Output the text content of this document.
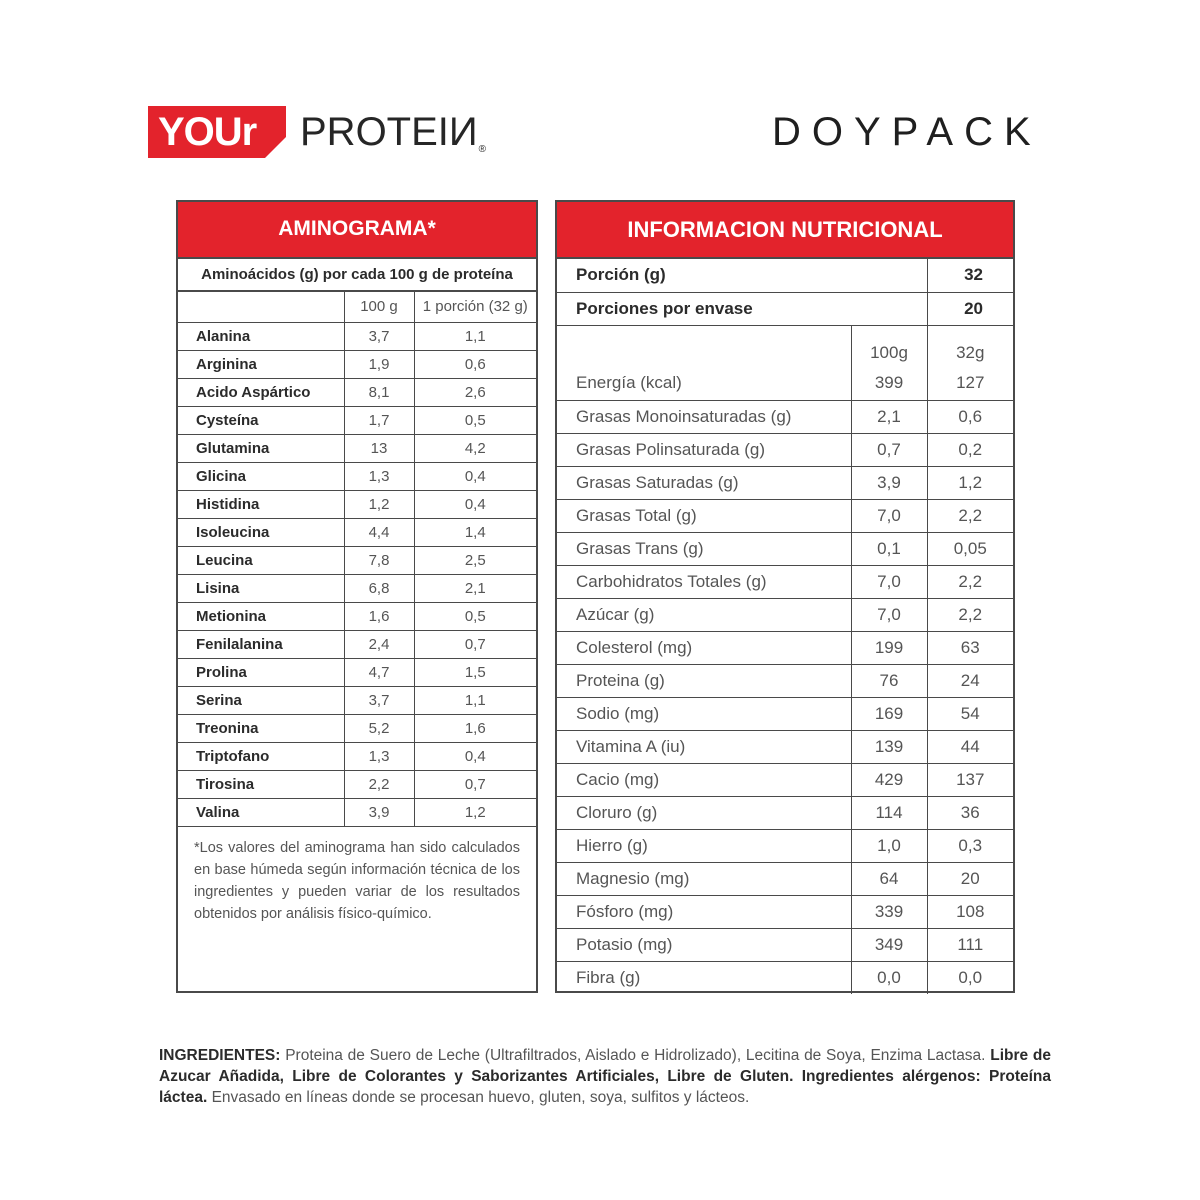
YOUr	PROTEIИ®	DOYPACK
AMINOGRAMA*
Aminoácidos (g) por cada 100 g de proteína
	100 g	1 porción (32 g)
Alanina	3,7	1,1
Arginina	1,9	0,6
Acido Aspártico	8,1	2,6
Cysteína	1,7	0,5
Glutamina	13	4,2
Glicina	1,3	0,4
Histidina	1,2	0,4
Isoleucina	4,4	1,4
Leucina	7,8	2,5
Lisina	6,8	2,1
Metionina	1,6	0,5
Fenilalanina	2,4	0,7
Prolina	4,7	1,5
Serina	3,7	1,1
Treonina	5,2	1,6
Triptofano	1,3	0,4
Tirosina	2,2	0,7
Valina	3,9	1,2
*Los valores del aminograma han sido calculados en base húmeda según información técnica de los ingredientes y pueden variar de los resultados obtenidos por análisis físico-químico.
INFORMACION NUTRICIONAL
Porción (g)		32
Porciones por envase		20
	100g	32g
Energía (kcal)	399	127
Grasas Monoinsaturadas (g)	2,1	0,6
Grasas Polinsaturada (g)	0,7	0,2
Grasas Saturadas (g)	3,9	1,2
Grasas Total (g)	7,0	2,2
Grasas Trans (g)	0,1	0,05
Carbohidratos Totales (g)	7,0	2,2
Azúcar (g)	7,0	2,2
Colesterol (mg)	199	63
Proteina (g)	76	24
Sodio (mg)	169	54
Vitamina A (iu)	139	44
Cacio (mg)	429	137
Cloruro (g)	114	36
Hierro (g)	1,0	0,3
Magnesio (mg)	64	20
Fósforo (mg)	339	108
Potasio (mg)	349	111
Fibra (g)	0,0	0,0
INGREDIENTES: Proteina de Suero de Leche (Ultrafiltrados, Aislado e Hidrolizado), Lecitina de Soya, Enzima Lactasa. Libre de Azucar Añadida, Libre de Colorantes y Saborizantes Artificiales, Libre de Gluten. Ingredientes alérgenos: Proteína láctea. Envasado en líneas donde se procesan huevo, gluten, soya, sulfitos y lácteos.
